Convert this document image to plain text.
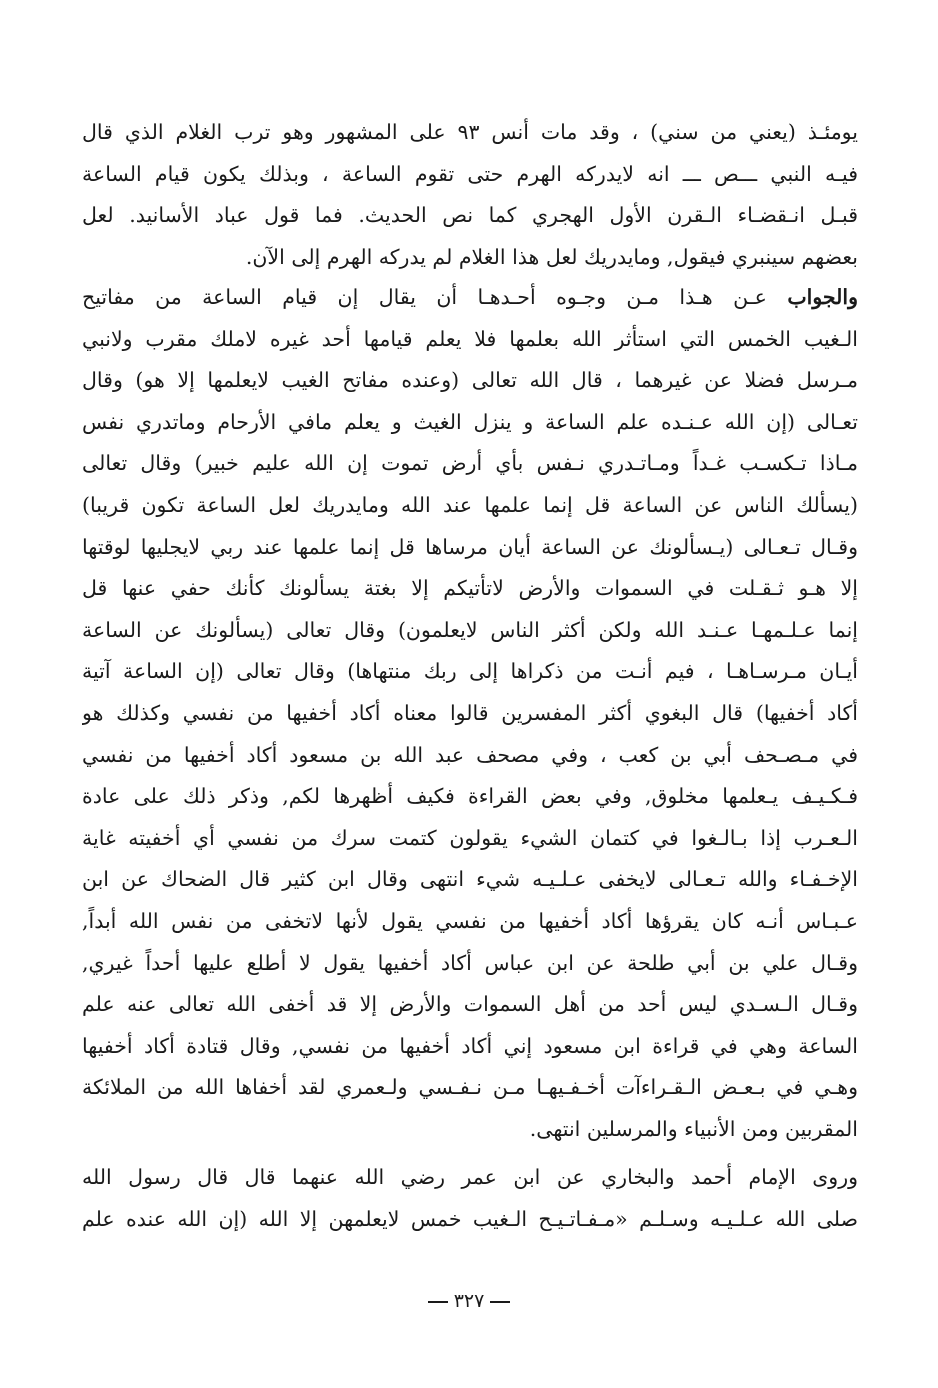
يومئـذ (يعني من سني) ، وقد مات أنس ٩٣ على المشهور وهو ترب الغلام الذي قال
فيـه النبي ـــص ـــ انه لايدركه الهرم حتى تقوم الساعة ، وبذلك يكون قيام الساعة
قبـل انـقضـاء الـقرن الأول الهجري كما نص الحديث. فما قول عباد الأسانيد. لعل
بعضهم سينبري فيقول, ومايدريك لعل هذا الغلام لم يدركه الهرم إلى الآن.
والجواب عـن هـذا مـن وجـوه أحـدهـا أن يقال إن قيام الساعة من مفاتيح
الـغيب الخمس التي استأثر الله بعلمها فلا يعلم قيامها أحد غيره لاملك مقرب ولانبي
مـرسل فضلا عن غيرهما ، قال الله تعالى (وعنده مفاتح الغيب لايعلمها إلا هو) وقال
تعـالى (إن الله عـنـده علم الساعة و ينزل الغيث و يعلم مافي الأرحام وماتدري نفس
مـاذا تـكسـب غـداً ومـاتـدري نـفس بأي أرض تموت إن الله عليم خبير) وقال تعالى
(يسألك الناس عن الساعة قل إنما علمها عند الله ومايدريك لعل الساعة تكون قريبا)
وقـال تـعـالى (يـسألونك عن الساعة أيان مرساها قل إنما علمها عند ربي لايجليها لوقتها
إلا هـو ثـقـلت في السموات والأرض لاتأتيكم إلا بغتة يسألونك كأنك حفي عنها قل
إنما عـلـمهـا عـنـد الله ولكن أكثر الناس لايعلمون) وقال تعالى (يسألونك عن الساعة
أيـان مـرسـاهـا ، فيم أنـت من ذكراها إلى ربك منتهاها) وقال تعالى (إن الساعة آتية
أكاد أخفيها) قال البغوي أكثر المفسرين قالوا معناه أكاد أخفيها من نفسي وكذلك هو
في مـصـحف أبي بن كعب ، وفي مصحف عبد الله بن مسعود أكاد أخفيها من نفسي
فـكـيـف يـعلمها مخلوق, وفي بعض القراءة فكيف أظهرها لكم, وذكر ذلك على عادة
الـعـرب إذا بـالـغوا في كتمان الشيء يقولون كتمت سرك من نفسي أي أخفيته غاية
الإخـفـاء والله تـعـالى لايخفى عـلـيـه شيء انتهى وقال ابن كثير قال الضحاك عن ابن
عـبـاس أنـه كان يقرؤها أكاد أخفيها من نفسي يقول لأنها لاتخفى من نفس الله أبداً,
وقـال علي بن أبي طلحة عن ابن عباس أكاد أخفيها يقول لا أطلع عليها أحداً غيري,
وقـال الـسـدي ليس أحد من أهل السموات والأرض إلا قد أخفى الله تعالى عنه علم
الساعة وهي في قراءة ابن مسعود إني أكاد أخفيها من نفسي, وقال قتادة أكاد أخفيها
وهـي في بـعـض الـقـراءآت أخـفـيهـا مـن نـفـسي ولـعمري لقد أخفاها الله من الملائكة
المقربين ومن الأنبياء والمرسلين انتهى.
وروى الإمام أحمد والبخاري عن ابن عمر رضي الله عنهما قال قال رسول الله
صلى الله عـلـيـه وسـلـم «مـفـاتـيـح الـغيب خمس لايعلمهن إلا الله (إن الله عنده علم
٣٢٧
